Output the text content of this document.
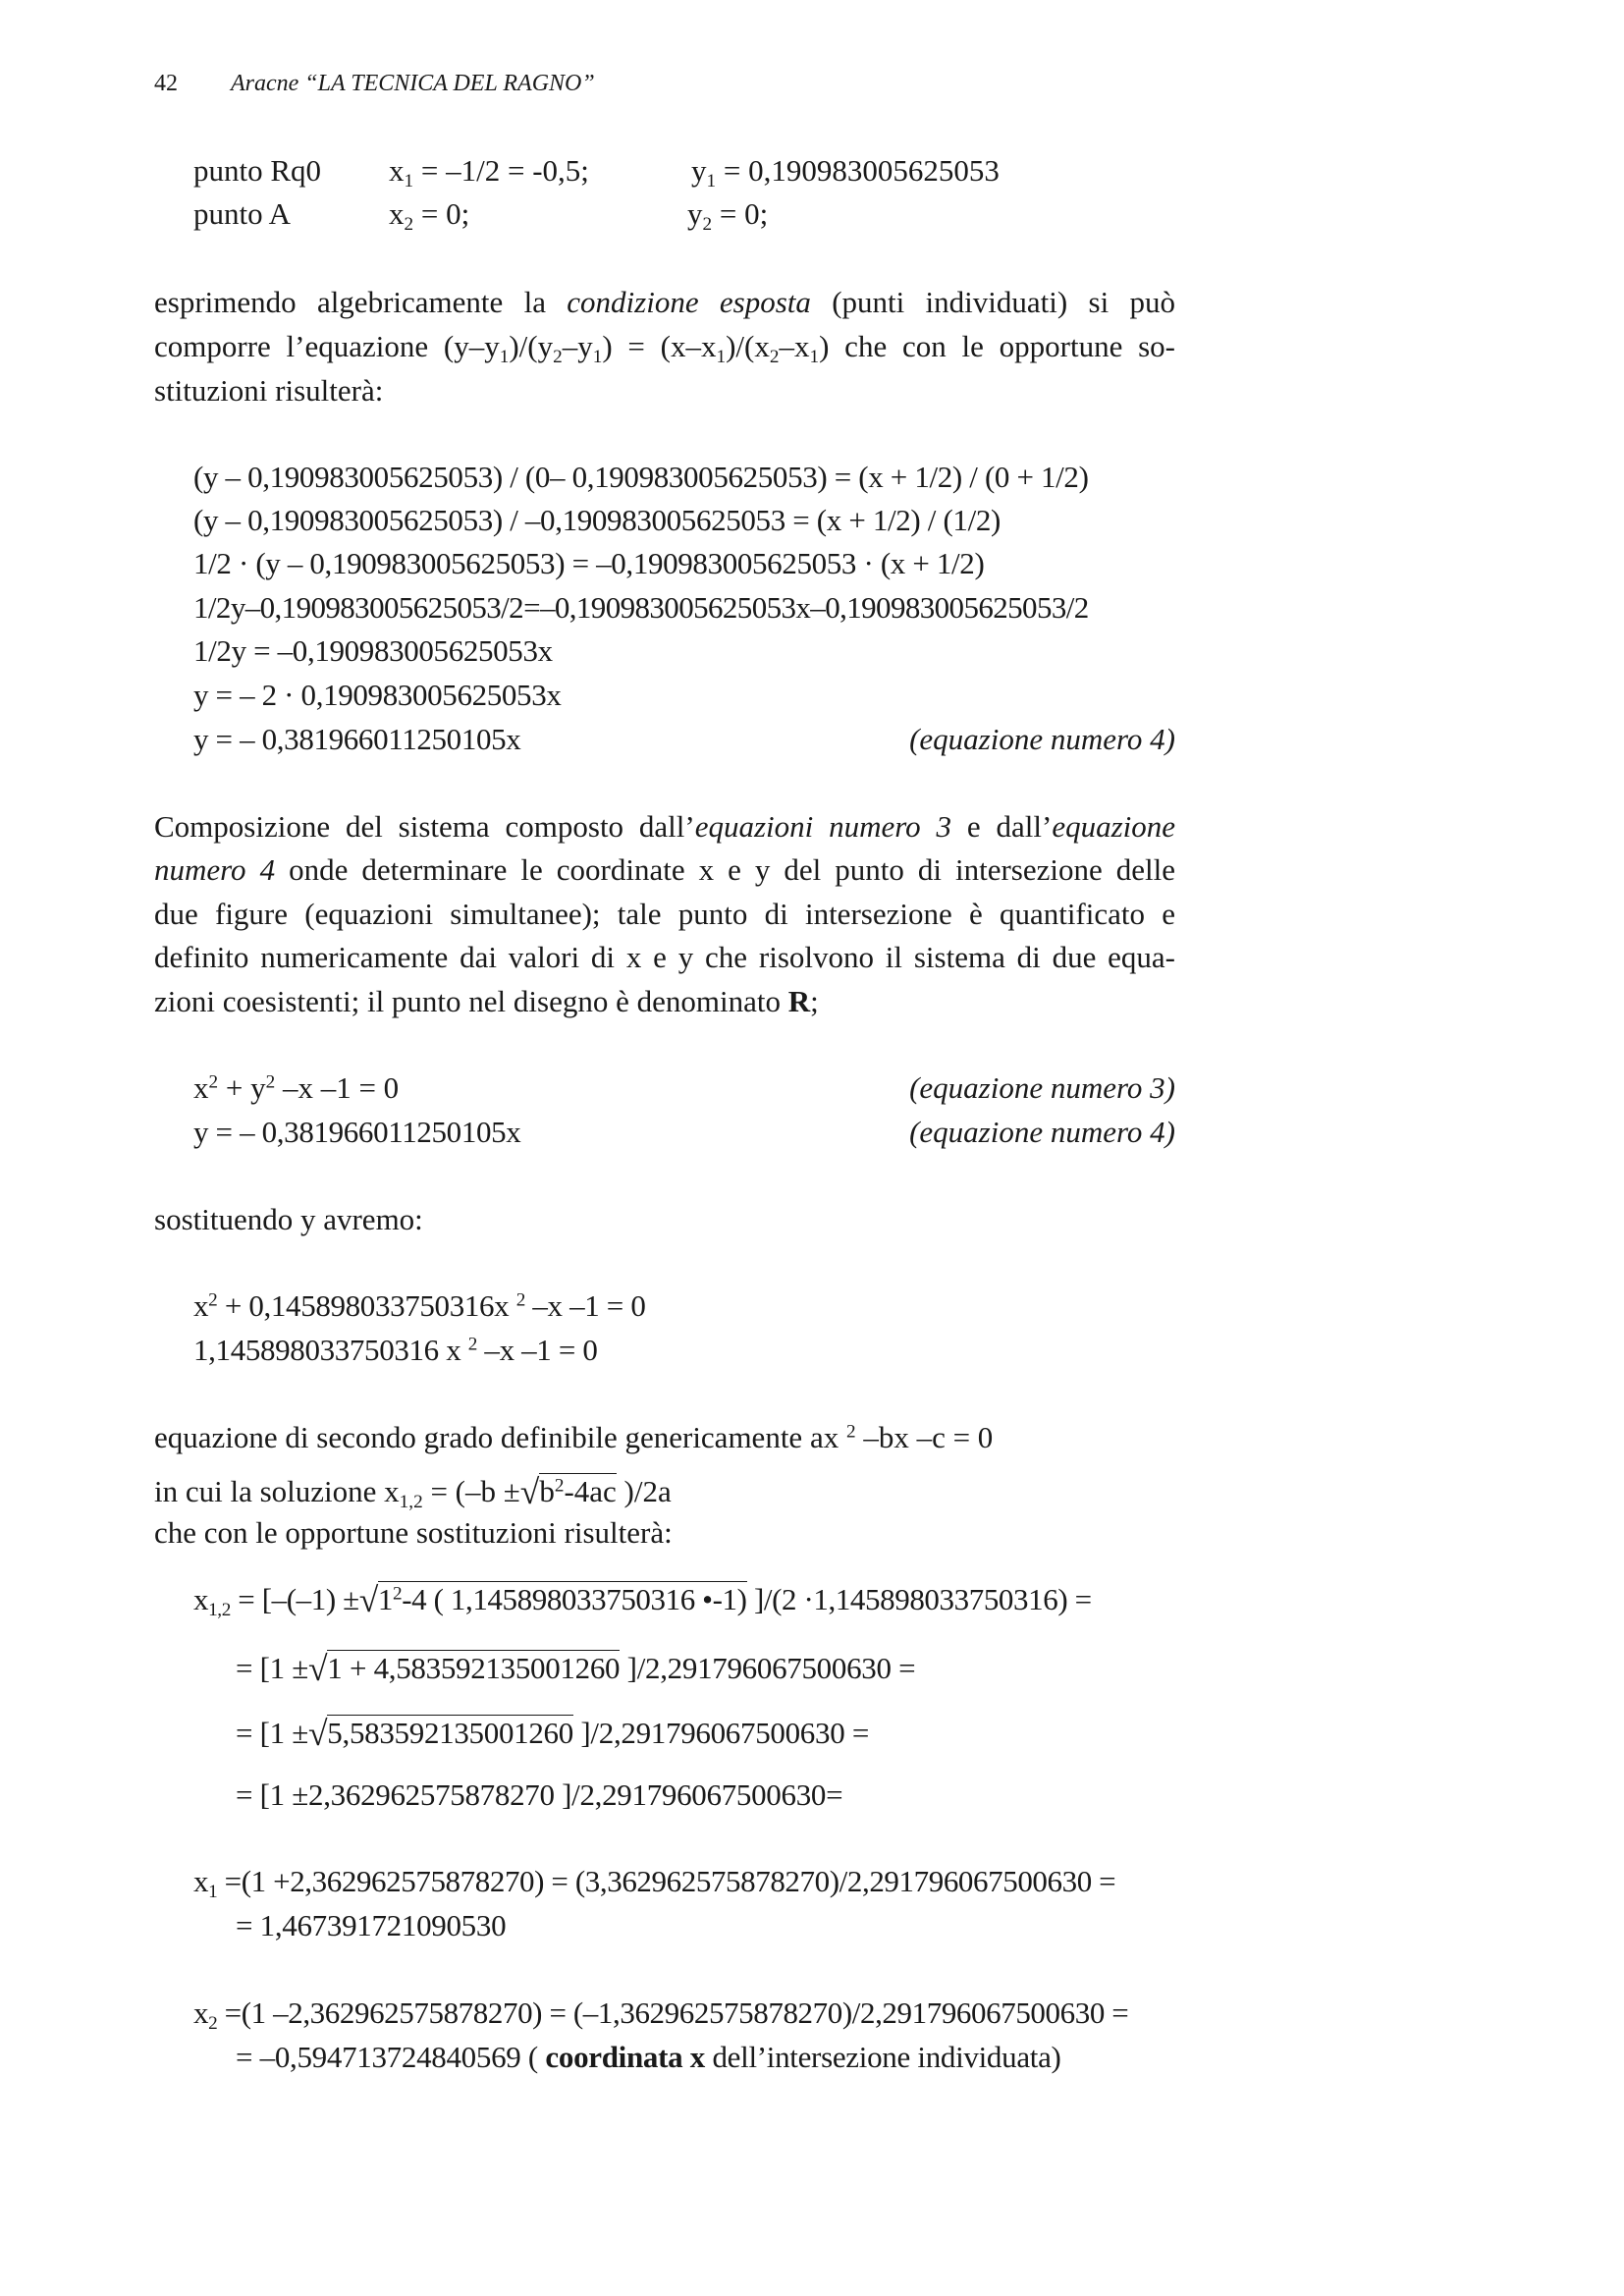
42 Aracne “LA TECNICA DEL RAGNO”
punto Rq0 $x_1 = -1/2 = -0,5$;	$y_1 = 0,190983005625053$
punto A	$x_2 = 0$;	$y_2 = 0$;
esprimendo algebricamente la condizione esposta (punti individuati) si può
comporre l’equazione $(y-y_1)/(y_2-y_1) = (x-x_1)/(x_2-x_1)$ che con le opportune so-
stituzioni risulterà:
(y – 0,190983005625053) / (0– 0,190983005625053) = (x + 1/2) / (0 + 1/2)
(y – 0,190983005625053) / –0,190983005625053 = (x + 1/2) / (1/2)
1/2 · (y – 0,190983005625053) = –0,190983005625053 · (x + 1/2)
1/2y–0,190983005625053/2=–0,190983005625053x–0,190983005625053/2
1/2y = –0,190983005625053x
y = – 2 · 0,190983005625053x
y = – 0,381966011250105x	(equazione numero 4)
Composizione del sistema composto dall’equazioni numero 3 e dall’equazione
numero 4 onde determinare le coordinate x e y del punto di intersezione delle
due figure (equazioni simultanee); tale punto di intersezione è quantificato e
definito numericamente dai valori di x e y che risolvono il sistema di due equa-
zioni coesistenti; il punto nel disegno è denominato R;
$x^2 + y^2$ –x –1 = 0	(equazione numero 3)
y = – 0,381966011250105x	(equazione numero 4)
sostituendo y avremo:
$x^2 + 0,145898033750316x$ $^2$ –x –1 = 0
1,145898033750316 x $^2$ –x –1 = 0
equazione di secondo grado definibile genericamente ax $^2$ –bx –c = 0
in cui la soluzione $x_{1,2} = (-b \pm√b^2-4ac$ )/2a
che con le opportune sostituzioni risulterà:
$x_{1,2} = [-(-1) \pm√1^2-4$ ( 1,145898033750316 •-1) ]/(2 ·1,145898033750316) =
= [1 ±√1 + 4,583592135001260 ]/2,291796067500630 =
= [1 ±√5,583592135001260 ]/2,291796067500630 =
= [1 ±2,362962575878270 ]/2,291796067500630=
$x_1 =(1 +2,362962575878270) = (3,362962575878270)/2,291796067500630$ =
= 1,467391721090530
$x_2 =(1$ –2,362962575878270) = (–1,362962575878270)/2,291796067500630 =
= –0,594713724840569 ( coordinata x dell’intersezione individuata)
